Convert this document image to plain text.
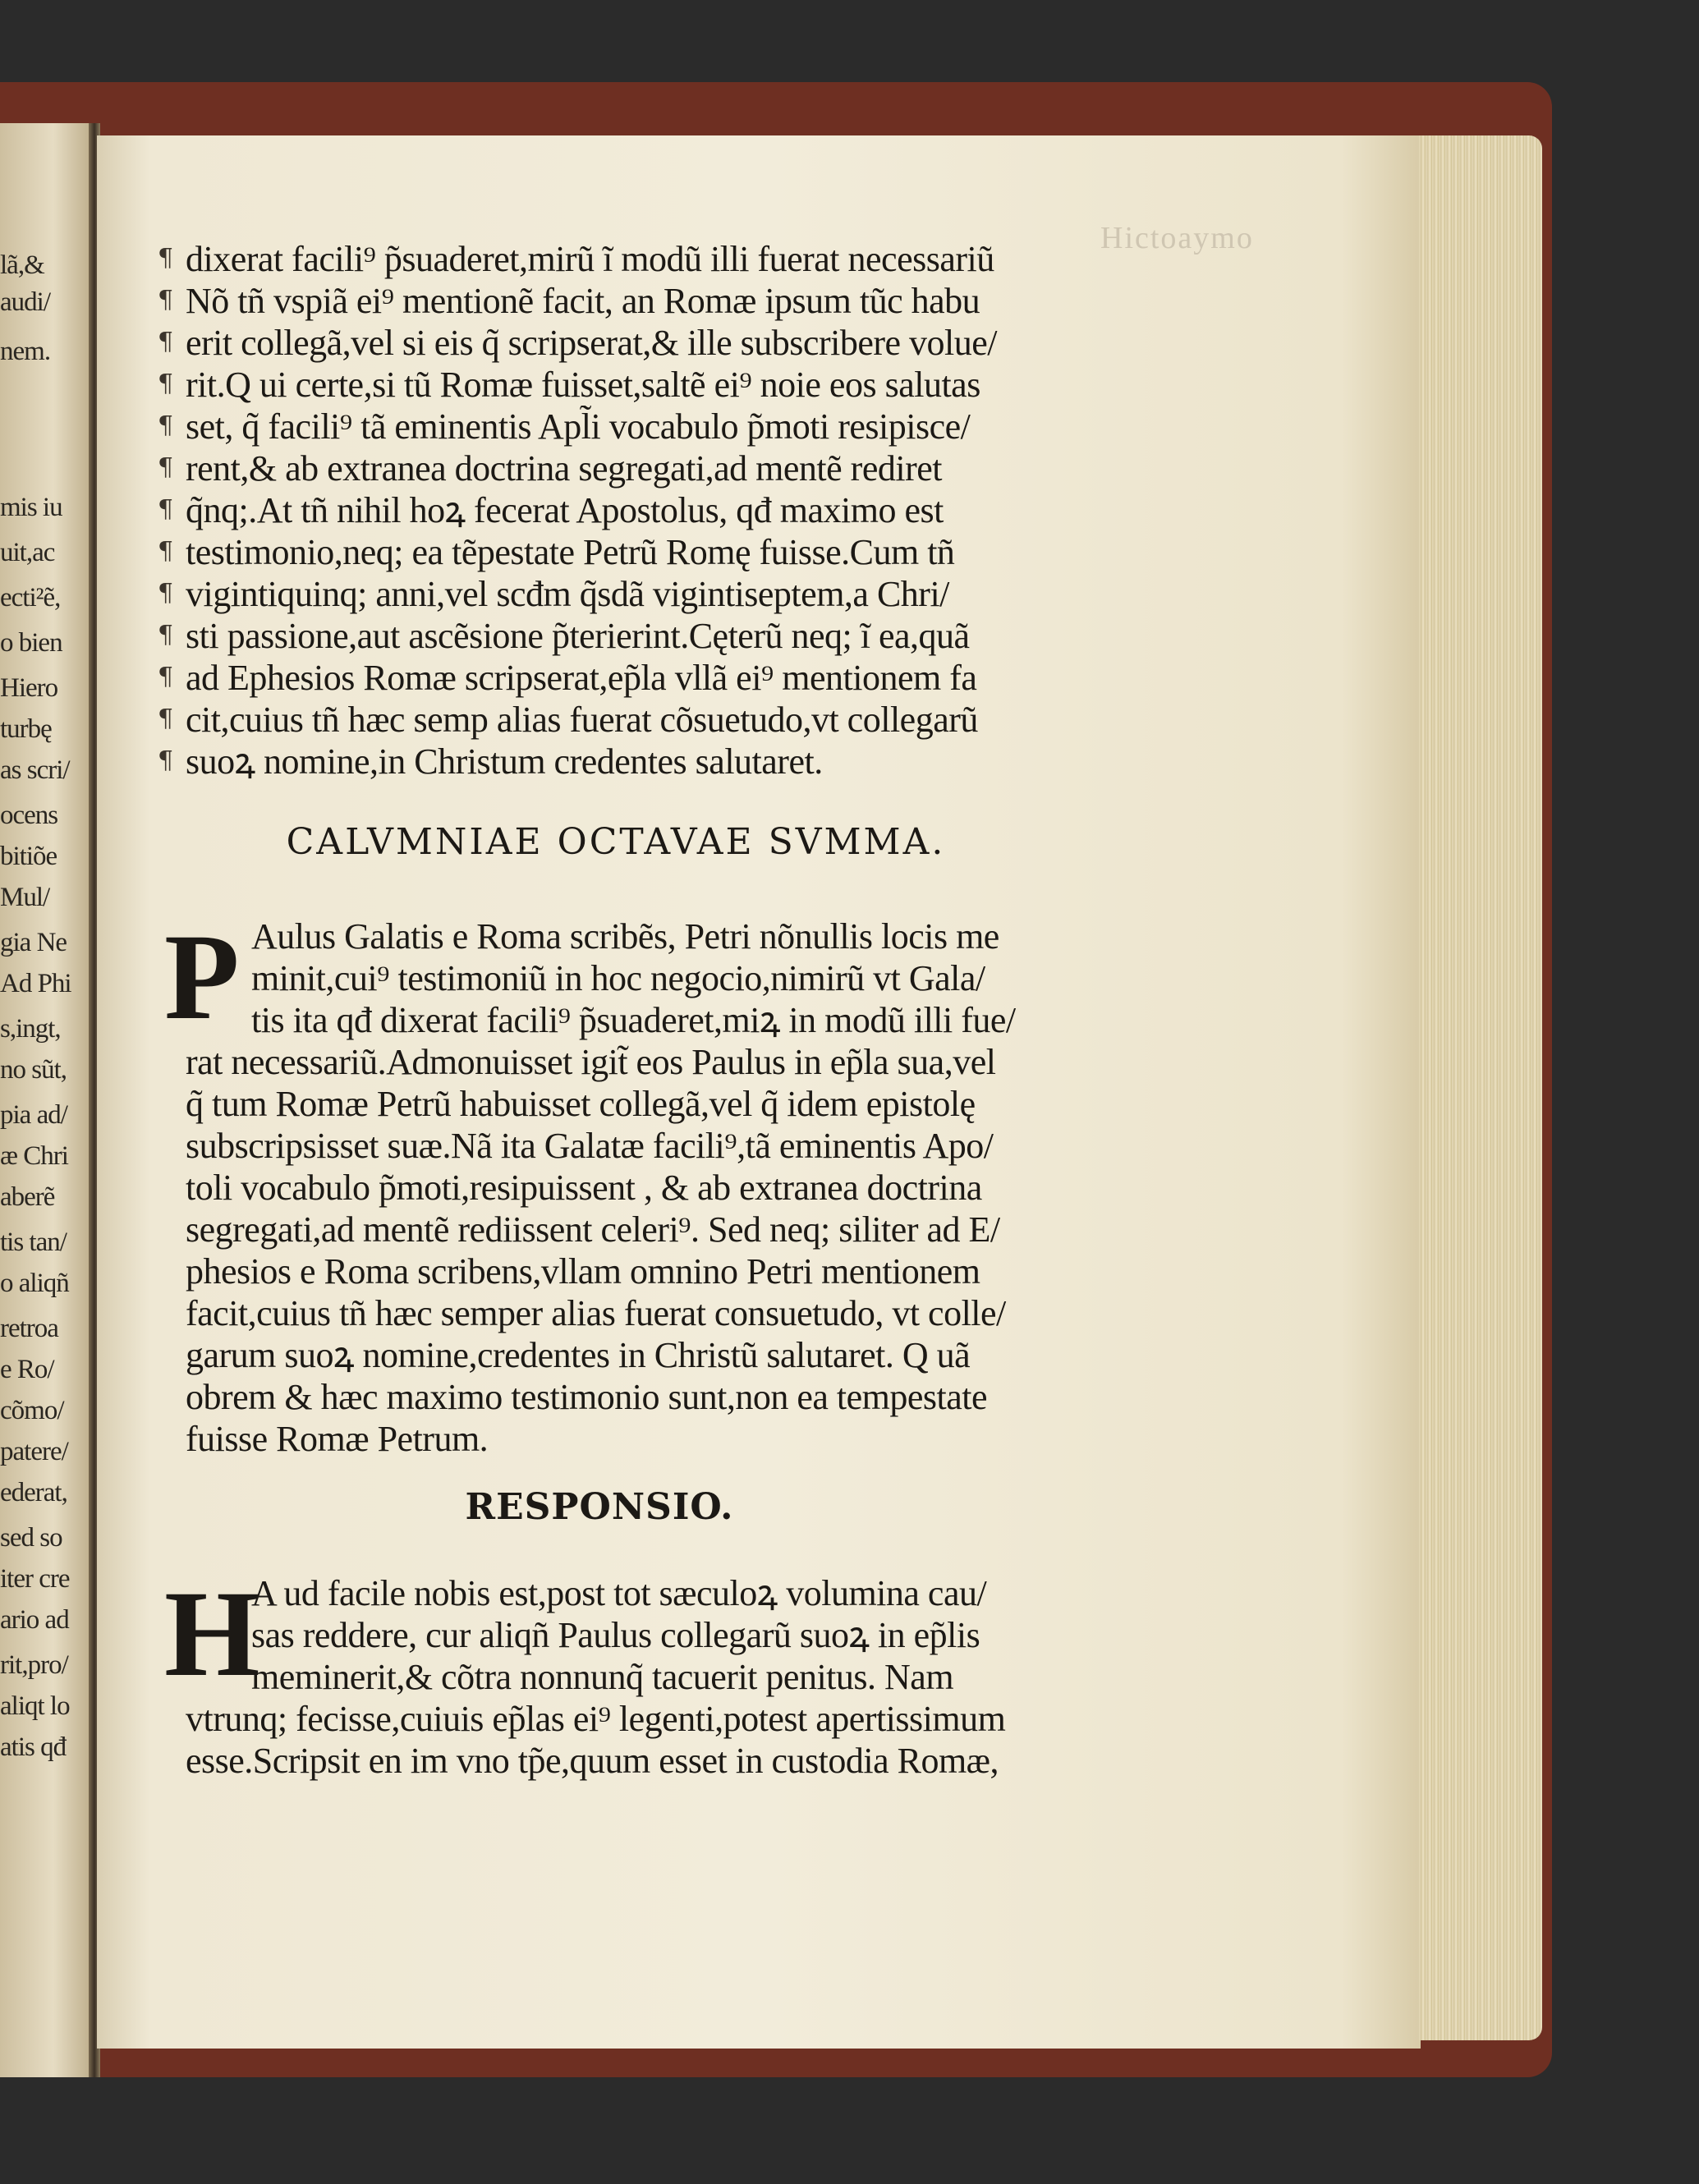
lã,&
audi/
nem.
mis iu
uit,ac
ecti²ẽ,
o bien
Hiero
turbę
as scri/
ocens
bitiõe
Mul/
gia Ne
Ad Phi
s,ingt,
no sũt,
pia ad/
æ Chri
aberẽ
tis tan/
o aliqñ
retroa
e Ro/
cõmo/
patere/
ederat,
sed so
iter cre
ario ad
rit,pro/
aliqt lo
atis qđ
Hictoaymo
¶
¶
¶
¶
¶
¶
¶
¶
¶
¶
¶
¶
¶
dixerat facili⁹ p̃suaderet,mirũ ĩ modũ illi fuerat necessariũ
Nõ tñ vspiã ei⁹ mentionẽ facit, an Romæ ipsum tũc habu
erit collegã,vel si eis q̃ scripserat,& ille subscribere volue/
rit.Q ui certe,si tũ Romæ fuisset,saltẽ ei⁹ noie eos salutas
set, q̃ facili⁹ tã eminentis Apl̃i vocabulo p̃moti resipisce/
rent,& ab extranea doctrina segregati,ad mentẽ rediret
q̃nq;.At tñ nihil hoꝝ fecerat Apostolus, qđ maximo est
testimonio,neq; ea tẽpestate Petrũ Romę fuisse.Cum tñ
vigintiquinq; anni,vel scđm q̃sdã vigintiseptem,a Chri/
sti passione,aut ascẽsione p̃terierint.Cęterũ neq; ĩ ea,quã
ad Ephesios Romæ scripserat,ep̃la vllã ei⁹ mentionem fa
cit,cuius tñ hæc semp alias fuerat cõsuetudo,vt collegarũ
suoꝝ nomine,in Christum credentes salutaret.
CALVMNIAE OCTAVAE SVMMA.
P Aulus Galatis e Roma scribẽs, Petri nõnullis locis me
minit,cui⁹ testimoniũ in hoc negocio,nimirũ vt Gala/
tis ita qđ dixerat facili⁹ p̃suaderet,miꝝ in modũ illi fue/
rat necessariũ.Admonuisset igit̃ eos Paulus in ep̃la sua,vel
q̃ tum Romæ Petrũ habuisset collegã,vel q̃ idem epistolę
subscripsisset suæ.Nã ita Galatæ facili⁹,tã eminentis Apo/
toli vocabulo p̃moti,resipuissent , & ab extranea doctrina
segregati,ad mentẽ rediissent celeri⁹. Sed neq; siliter ad E/
phesios e Roma scribens,vllam omnino Petri mentionem
facit,cuius tñ hæc semper alias fuerat consuetudo, vt colle/
garum suoꝝ nomine,credentes in Christũ salutaret. Q uã
obrem & hæc maximo testimonio sunt,non ea tempestate
fuisse Romæ Petrum.
RESPONSIO.
H
A ud facile nobis est,post tot sæculoꝝ volumina cau/
sas reddere, cur aliqñ Paulus collegarũ suoꝝ in ep̃lis
meminerit,& cõtra nonnunq̃ tacuerit penitus. Nam
vtrunq; fecisse,cuiuis ep̃las ei⁹ legenti,potest apertissimum
esse.Scripsit en im vno tp̃e,quum esset in custodia Romæ,
